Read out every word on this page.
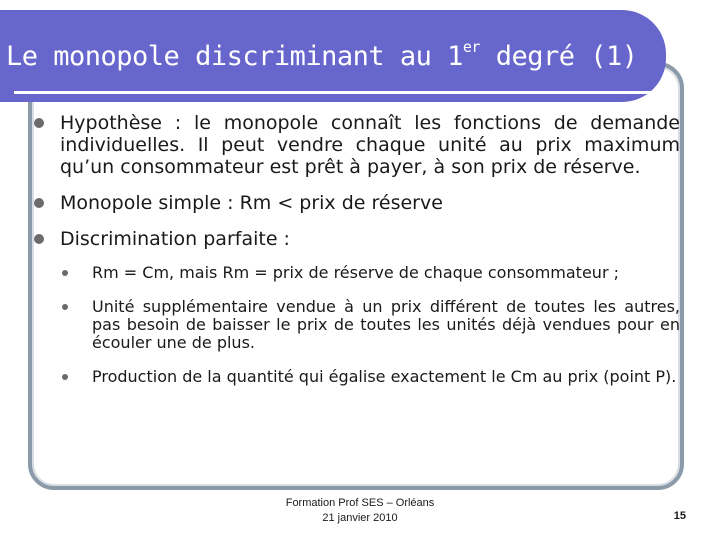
Le monopole discriminant au 1er degré (1)
Hypothèse : le monopole connaît les fonctions de demande individuelles. Il peut vendre chaque unité au prix maximum qu’un consommateur est prêt à payer, à son prix de réserve.
Monopole simple : Rm < prix de réserve
Discrimination parfaite :
Rm = Cm, mais Rm = prix de réserve de chaque consommateur ;
Unité supplémentaire vendue à un prix différent de toutes les autres, pas besoin de baisser le prix de toutes les unités déjà vendues pour en écouler une de plus.
Production de la quantité qui égalise exactement le Cm au prix (point P).
Formation Prof SES – Orléans
21 janvier 2010	15
